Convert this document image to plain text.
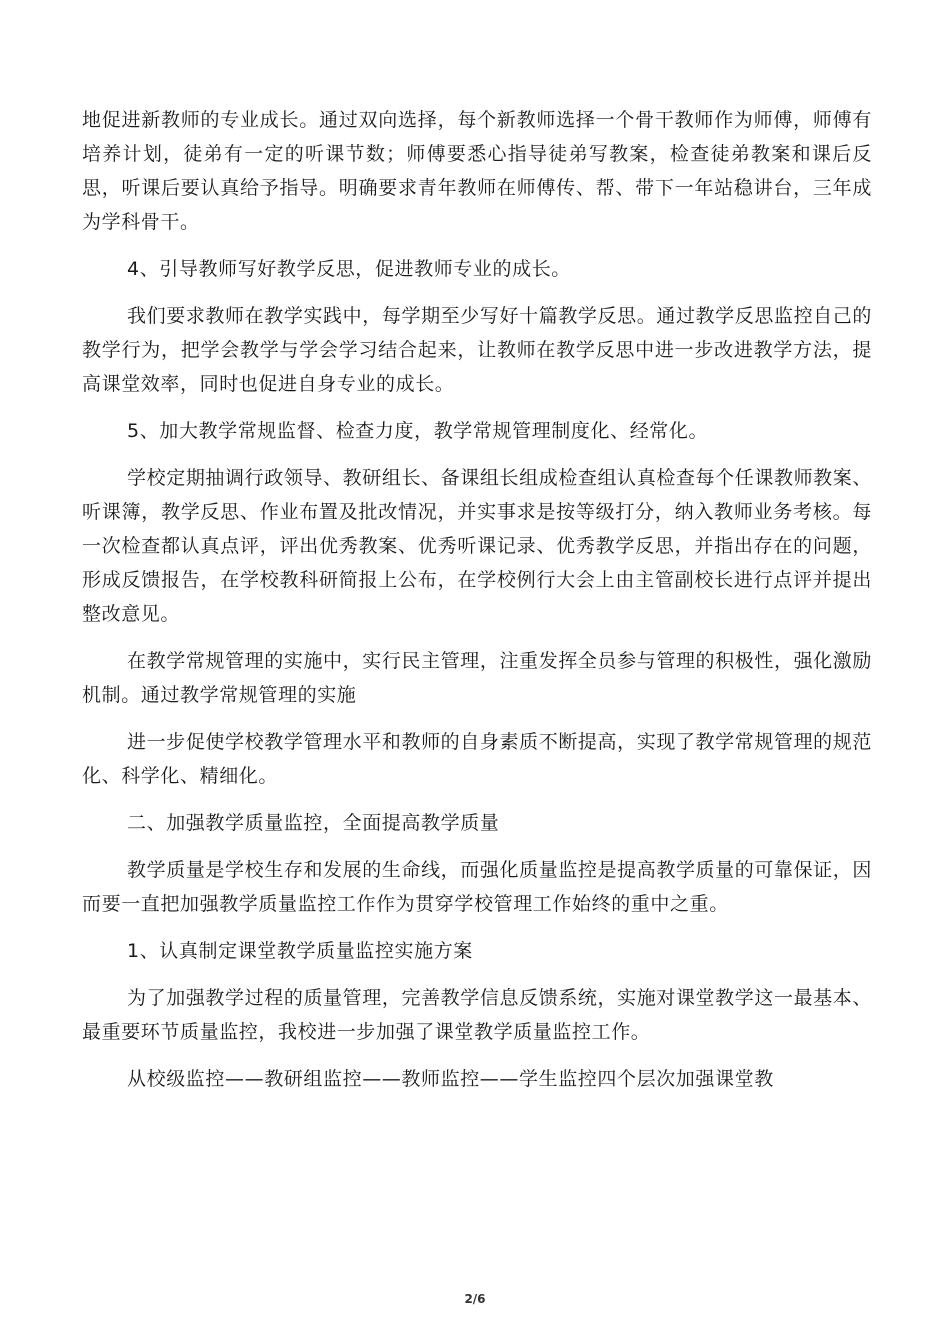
地促进新教师的专业成长。通过双向选择，每个新教师选择一个骨干教师作为师傅，师傅有培养计划，徒弟有一定的听课节数；师傅要悉心指导徒弟写教案，检查徒弟教案和课后反思，听课后要认真给予指导。明确要求青年教师在师傅传、帮、带下一年站稳讲台，三年成为学科骨干。

4、引导教师写好教学反思，促进教师专业的成长。

我们要求教师在教学实践中，每学期至少写好十篇教学反思。通过教学反思监控自己的教学行为，把学会教学与学会学习结合起来，让教师在教学反思中进一步改进教学方法，提高课堂效率，同时也促进自身专业的成长。

5、加大教学常规监督、检查力度，教学常规管理制度化、经常化。

学校定期抽调行政领导、教研组长、备课组长组成检查组认真检查每个任课教师教案、听课簿，教学反思、作业布置及批改情况，并实事求是按等级打分，纳入教师业务考核。每一次检查都认真点评，评出优秀教案、优秀听课记录、优秀教学反思，并指出存在的问题，形成反馈报告，在学校教科研简报上公布，在学校例行大会上由主管副校长进行点评并提出整改意见。

在教学常规管理的实施中，实行民主管理，注重发挥全员参与管理的积极性，强化激励机制。通过教学常规管理的实施

进一步促使学校教学管理水平和教师的自身素质不断提高，实现了教学常规管理的规范化、科学化、精细化。

二、加强教学质量监控，全面提高教学质量

教学质量是学校生存和发展的生命线，而强化质量监控是提高教学质量的可靠保证，因而要一直把加强教学质量监控工作作为贯穿学校管理工作始终的重中之重。

1、认真制定课堂教学质量监控实施方案

为了加强教学过程的质量管理，完善教学信息反馈系统，实施对课堂教学这一最基本、最重要环节质量监控，我校进一步加强了课堂教学质量监控工作。

从校级监控——教研组监控——教师监控——学生监控四个层次加强课堂教

2/6
